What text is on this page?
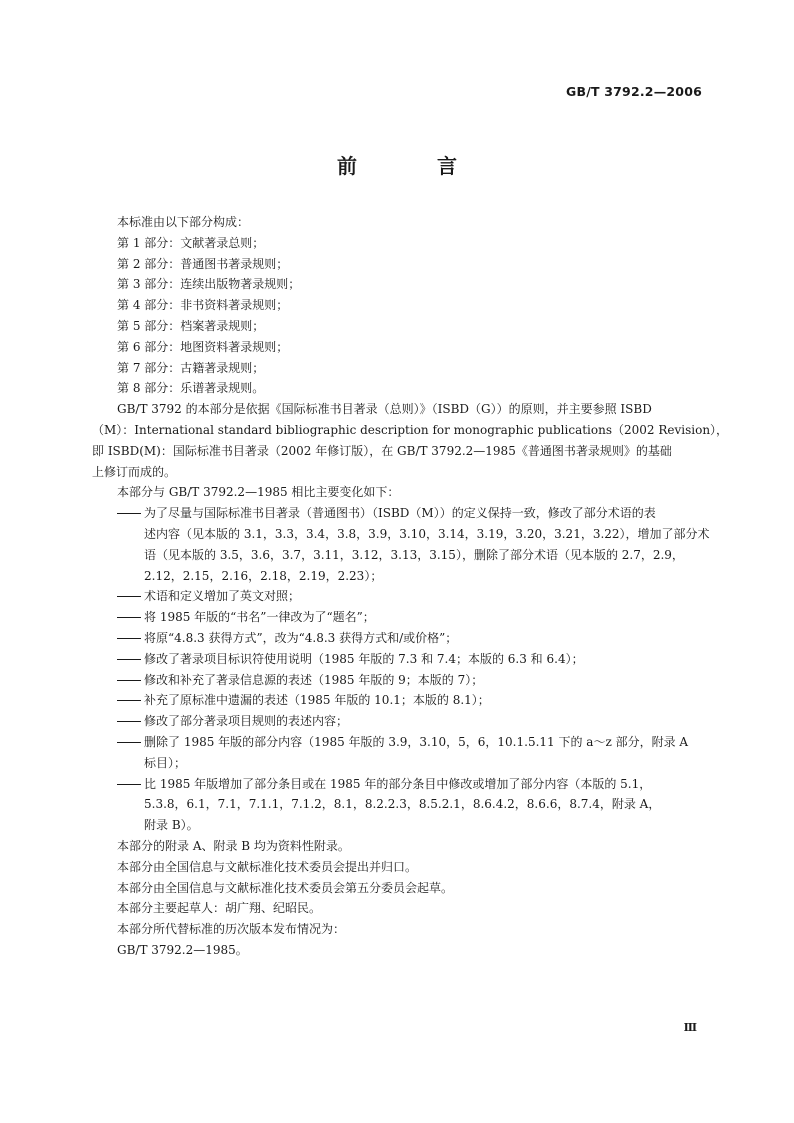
GB/T 3792.2—2006
前　言
本标准由以下部分构成：
第 1 部分：文献著录总则；
第 2 部分：普通图书著录规则；
第 3 部分：连续出版物著录规则；
第 4 部分：非书资料著录规则；
第 5 部分：档案著录规则；
第 6 部分：地图资料著录规则；
第 7 部分：古籍著录规则；
第 8 部分：乐谱著录规则。
GB/T 3792 的本部分是依据《国际标准书目著录（总则）》（ISBD（G））的原则，并主要参照 ISBD
（M）：International standard bibliographic description for monographic publications（2002 Revision），
即 ISBD(M)：国际标准书目著录（2002 年修订版），在 GB/T 3792.2—1985《普通图书著录规则》的基础
上修订而成的。
本部分与 GB/T 3792.2—1985 相比主要变化如下：
为了尽量与国际标准书目著录（普通图书）（ISBD（M））的定义保持一致，修改了部分术语的表
述内容（见本版的 3.1，3.3，3.4，3.8，3.9，3.10，3.14，3.19，3.20，3.21，3.22），增加了部分术
语（见本版的 3.5，3.6，3.7，3.11，3.12，3.13，3.15），删除了部分术语（见本版的 2.7，2.9，
2.12，2.15，2.16，2.18，2.19，2.23）；
术语和定义增加了英文对照；
将 1985 年版的“书名”一律改为了“题名”；
将原“4.8.3 获得方式”，改为“4.8.3 获得方式和/或价格”；
修改了著录项目标识符使用说明（1985 年版的 7.3 和 7.4；本版的 6.3 和 6.4）；
修改和补充了著录信息源的表述（1985 年版的 9；本版的 7）；
补充了原标准中遗漏的表述（1985 年版的 10.1；本版的 8.1）；
修改了部分著录项目规则的表述内容；
删除了 1985 年版的部分内容（1985 年版的 3.9，3.10，5，6，10.1.5.11 下的 a～z 部分，附录 A
标目）；
比 1985 年版增加了部分条目或在 1985 年的部分条目中修改或增加了部分内容（本版的 5.1，
5.3.8，6.1，7.1，7.1.1，7.1.2，8.1，8.2.2.3，8.5.2.1，8.6.4.2，8.6.6，8.7.4，附录 A，
附录 B）。
本部分的附录 A、附录 B 均为资料性附录。
本部分由全国信息与文献标准化技术委员会提出并归口。
本部分由全国信息与文献标准化技术委员会第五分委员会起草。
本部分主要起草人：胡广翔、纪昭民。
本部分所代替标准的历次版本发布情况为：
GB/T 3792.2—1985。
Ⅲ
